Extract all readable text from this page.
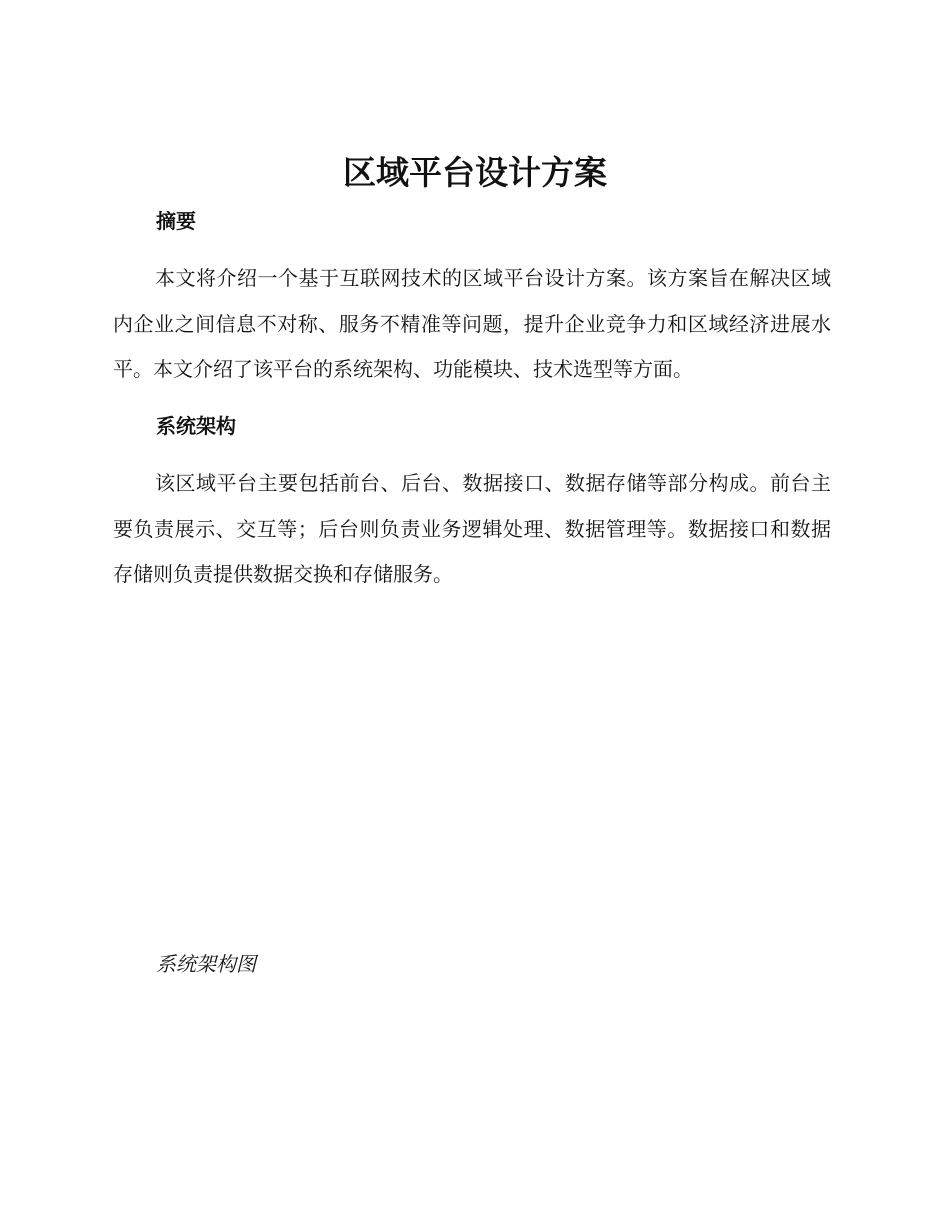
区域平台设计方案
摘要

本文将介绍一个基于互联网技术的区域平台设计方案。该方案旨在解决区域内企业之间信息不对称、服务不精准等问题，提升企业竞争力和区域经济进展水平。本文介绍了该平台的系统架构、功能模块、技术选型等方面。

系统架构

该区域平台主要包括前台、后台、数据接口、数据存储等部分构成。前台主要负责展示、交互等；后台则负责业务逻辑处理、数据管理等。数据接口和数据存储则负责提供数据交换和存储服务。

系统架构图
